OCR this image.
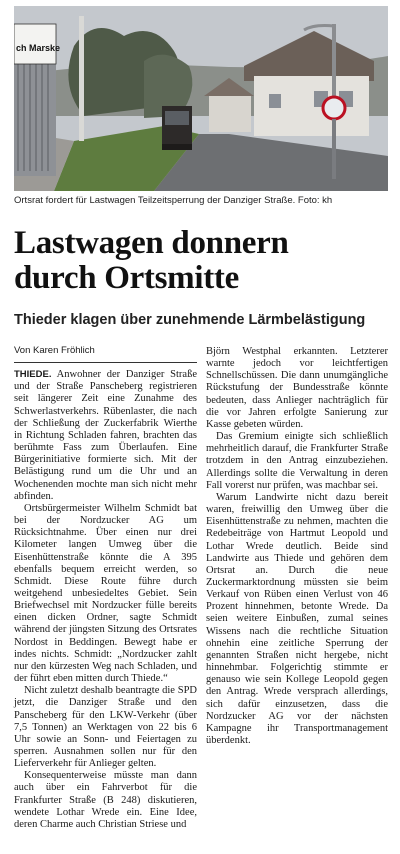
ch Marske
Ortsrat fordert für Lastwagen Teilzeitsperrung der Danziger Straße. Foto: kh
Lastwagen donnern
durch Ortsmitte
Thieder klagen über zunehmende Lärmbelästigung
Von Karen Fröhlich

THIEDE. Anwohner der Danziger Straße und der Straße Panscheberg registrieren seit längerer Zeit eine Zunahme des Schwerlastverkehrs. Rübenlaster, die nach der Schließung der Zuckerfabrik Wierthe in Richtung Schladen fahren, brachten das berühmte Fass zum Überlaufen. Eine Bürgerinitiative formierte sich. Mit der Belästigung rund um die Uhr und an Wochenenden mochte man sich nicht mehr abfinden.

Ortsbürgermeister Wilhelm Schmidt bat bei der Nordzucker AG um Rücksichtnahme. Über einen nur drei Kilometer langen Umweg über die Eisenhüttenstraße könnte die A 395 ebenfalls bequem erreicht werden, so Schmidt. Diese Route führe durch weitgehend unbesiedeltes Gebiet. Sein Briefwechsel mit Nordzucker fülle bereits einen dicken Ordner, sagte Schmidt während der jüngsten Sitzung des Ortsrates Nordost in Beddingen. Bewegt habe er indes nichts. Schmidt: „Nordzucker zahlt nur den kürzesten Weg nach Schladen, und der führt eben mitten durch Thiede.“

Nicht zuletzt deshalb beantragte die SPD jetzt, die Danziger Straße und den Panscheberg für den LKW-Verkehr (über 7,5 Tonnen) an Werktagen von 22 bis 6 Uhr sowie an Sonn- und Feiertagen zu sperren. Ausnahmen sollen nur für den Lieferverkehr für Anlieger gelten.

Konsequenterweise müsste man dann auch über ein Fahrverbot für die Frankfurter Straße (B 248) diskutieren, wendete Lothar Wrede ein. Eine Idee, deren Charme auch Christian Striese und

Björn Westphal erkannten. Letzterer warnte jedoch vor leichtfertigen Schnellschüssen. Die dann unumgängliche Rückstufung der Bundesstraße könnte bedeuten, dass Anlieger nachträglich für die vor Jahren erfolgte Sanierung zur Kasse gebeten würden.

Das Gremium einigte sich schließlich mehrheitlich darauf, die Frankfurter Straße trotzdem in den Antrag einzubeziehen. Allerdings sollte die Verwaltung in deren Fall vorerst nur prüfen, was machbar sei.

Warum Landwirte nicht dazu bereit waren, freiwillig den Umweg über die Eisenhüttenstraße zu nehmen, machten die Redebeiträge von Hartmut Leopold und Lothar Wrede deutlich. Beide sind Landwirte aus Thiede und gehören dem Ortsrat an. Durch die neue Zuckermarktordnung müssten sie beim Verkauf von Rüben einen Verlust von 46 Prozent hinnehmen, betonte Wrede. Da seien weitere Einbußen, zumal seines Wissens nach die rechtliche Situation ohnehin eine zeitliche Sperrung der genannten Straßen nicht hergebe, nicht hinnehmbar. Folgerichtig stimmte er genauso wie sein Kollege Leopold gegen den Antrag. Wrede versprach allerdings, sich dafür einzusetzen, dass die Nordzucker AG vor der nächsten Kampagne ihr Transportmanagement überdenkt.
